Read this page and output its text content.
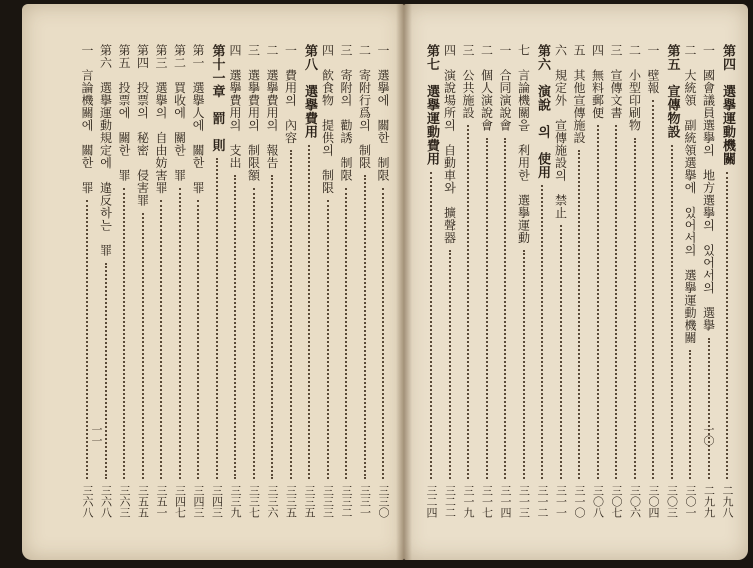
一　選擧에　關한　制限
三三〇
二　寄附行爲의　制限
三三一
三　寄附의　勸誘　制限
三三二
四　飮食物　提供의　制限
三三三
第八　選擧費用
三三五
一　費用의　內容
三三五
二　選擧費用의　報告
三三六
三　選擧費用의　制限額
三三七
四　選擧費用의　支出
三三九
第十一章　罰　則
三四三
第一　選擧人에　關한　罪
三四三
第二　買收에　關한　罪
三四七
第三　選擧의　自由妨害罪
三五一
第四　投票의　秘密　侵害罪
三五五
第五　投票에　關한　罪
三六三
第六　選擧運動規定에　違反하는　罪
三六八
一　言論機關에　關한　罪
三六八
第四　選擧運動機關
二九八
一　國會議員選擧의　地方選擧의　있어서의　選擧
二九九
二　大統領　副統領選擧에　있어서의　選擧運動機關
三〇一
第五　宣傳物設
三〇三
一　壁報
三〇四
二　小型印刷物
三〇六
三　宣傳文書
三〇七
四　無料郵便
三〇八
五　其他宣傳施設
三一〇
六　規定外　宣傳施設의　禁止
三一一
第六　演說　의　使用
三一二
七　言論機關을　利用한　選擧運動
三一三
一　合同演說會
三一四
二　個人演說會
三一七
三　公共施設
三一九
四　演說場所의　自動車와　擴聲器
三二二
第七　選擧運動費用
三二四
一一	一〇
